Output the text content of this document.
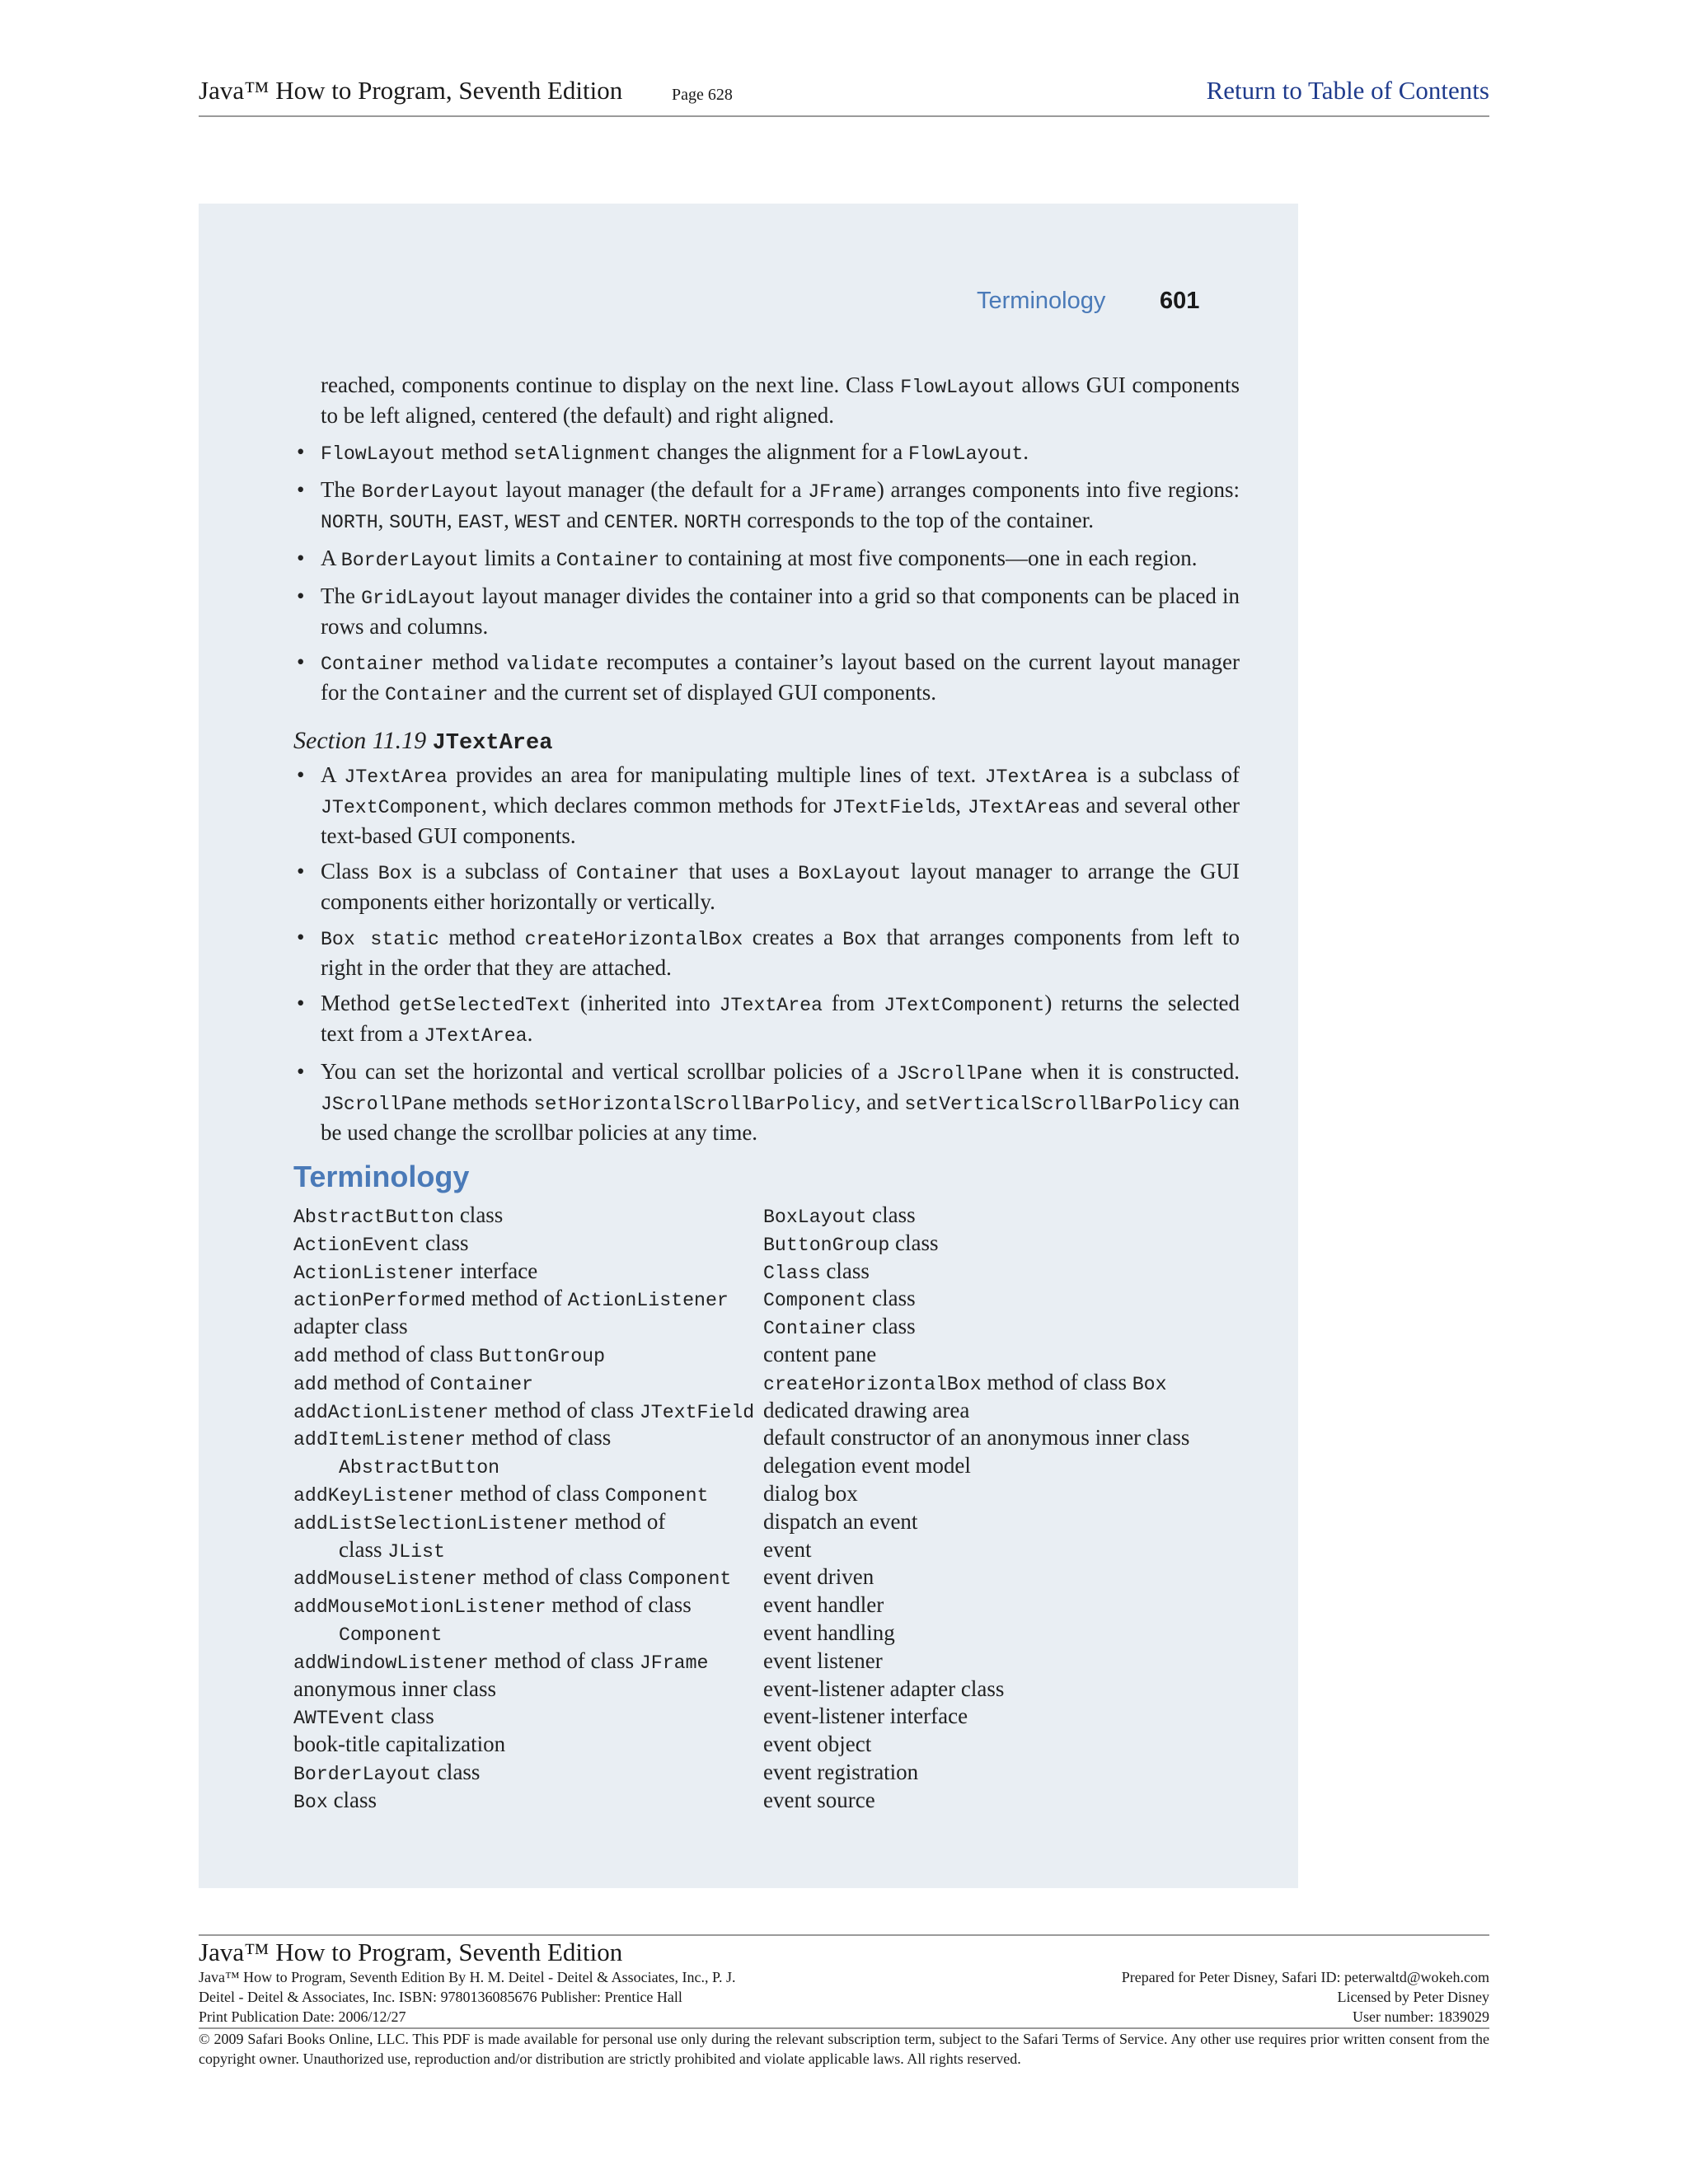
Java™ How to Program, Seventh Edition	Page 628	Return to Table of Contents
Terminology 601

reached, components continue to display on the next line. Class FlowLayout allows GUI components to be left aligned, centered (the default) and right aligned.

• FlowLayout method setAlignment changes the alignment for a FlowLayout.
• The BorderLayout layout manager (the default for a JFrame) arranges components into five regions: NORTH, SOUTH, EAST, WEST and CENTER. NORTH corresponds to the top of the container.
• A BorderLayout limits a Container to containing at most five components—one in each region.
• The GridLayout layout manager divides the container into a grid so that components can be placed in rows and columns.
• Container method validate recomputes a container’s layout based on the current layout manager for the Container and the current set of displayed GUI components.
Section 11.19 JTextArea
• A JTextArea provides an area for manipulating multiple lines of text. JTextArea is a subclass of JTextComponent, which declares common methods for JTextFields, JTextAreas and several other text-based GUI components.
• Class Box is a subclass of Container that uses a BoxLayout layout manager to arrange the GUI components either horizontally or vertically.
• Box static method createHorizontalBox creates a Box that arranges components from left to right in the order that they are attached.
• Method getSelectedText (inherited into JTextArea from JTextComponent) returns the selected text from a JTextArea.
• You can set the horizontal and vertical scrollbar policies of a JScrollPane when it is constructed. JScrollPane methods setHorizontalScrollBarPolicy, and setVerticalScrollBarPolicy can be used change the scrollbar policies at any time.
Terminology
AbstractButton class
ActionEvent class
ActionListener interface
actionPerformed method of ActionListener
adapter class
add method of class ButtonGroup
add method of Container
addActionListener method of class JTextField
addItemListener method of class
AbstractButton
addKeyListener method of class Component
addListSelectionListener method of
class JList
addMouseListener method of class Component
addMouseMotionListener method of class
Component
addWindowListener method of class JFrame
anonymous inner class
AWTEvent class
book-title capitalization
BorderLayout class
Box class
BoxLayout class
ButtonGroup class
Class class
Component class
Container class
content pane
createHorizontalBox method of class Box
dedicated drawing area
default constructor of an anonymous inner class
delegation event model
dialog box
dispatch an event
event
event driven
event handler
event handling
event listener
event-listener adapter class
event-listener interface
event object
event registration
event source
Java™ How to Program, Seventh Edition
Java™ How to Program, Seventh Edition By H. M. Deitel - Deitel & Associates, Inc., P. J.	Prepared for Peter Disney, Safari ID: peterwaltd@wokeh.com
Deitel - Deitel & Associates, Inc. ISBN: 9780136085676 Publisher: Prentice Hall	Licensed by Peter Disney
Print Publication Date: 2006/12/27	User number: 1839029
© 2009 Safari Books Online, LLC. This PDF is made available for personal use only during the relevant subscription term, subject to the Safari Terms of Service. Any other use requires prior written consent from the copyright owner. Unauthorized use, reproduction and/or distribution are strictly prohibited and violate applicable laws. All rights reserved.
